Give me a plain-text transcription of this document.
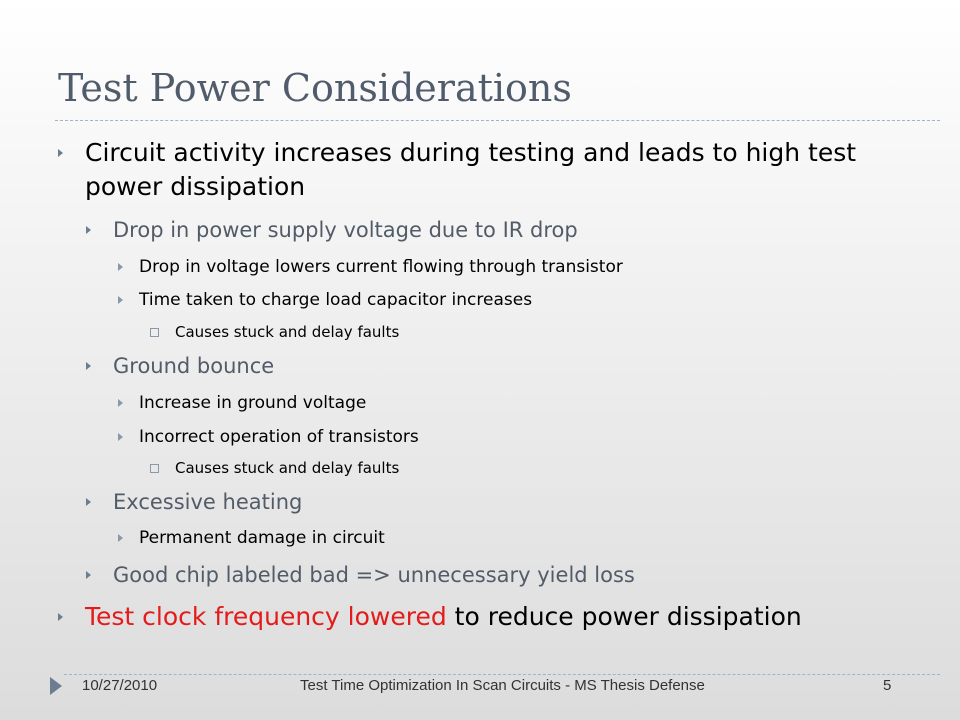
Test Power Considerations
Circuit activity increases during testing and leads to high test power dissipation
Drop in power supply voltage due to IR drop
Drop in voltage lowers current flowing through transistor
Time taken to charge load capacitor increases
Causes stuck and delay faults
Ground bounce
Increase in ground voltage
Incorrect operation of transistors
Causes stuck and delay faults
Excessive heating
Permanent damage in circuit
Good chip labeled bad => unnecessary yield loss
Test clock frequency lowered to reduce power dissipation
10/27/2010	Test Time Optimization In Scan Circuits - MS Thesis Defense	5
